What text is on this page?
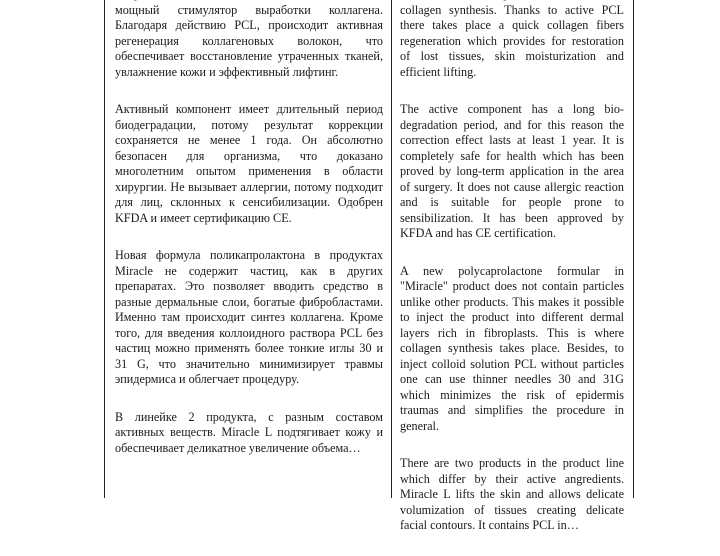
мощный стимулятор выработки коллагена. Благодаря действию PCL, происходит активная регенерация коллагеновых волокон, что обеспечивает восстановление утраченных тканей, увлажнение кожи и эффективный лифтинг.

Активный компонент имеет длительный период биодеградации, потому результат коррекции сохраняется не менее 1 года. Он абсолютно безопасен для организма, что доказано многолетним опытом применения в области хирургии. Не вызывает аллергии, потому подходит для лиц, склонных к сенсибилизации. Одобрен KFDA и имеет сертификацию CE.

Новая формула поликапролактона в продуктах Miracle не содержит частиц, как в других препаратах. Это позволяет вводить средство в разные дермальные слои, богатые фибробластами. Именно там происходит синтез коллагена. Кроме того, для введения коллоидного раствора PCL без частиц можно применять более тонкие иглы 30 и 31 G, что значительно минимизирует травмы эпидермиса и облегчает процедуру.

В линейке 2 продукта, с разным составом активных веществ. Miracle L подтягивает кожу и обеспечивает деликатное увеличение объема…

collagen synthesis. Thanks to active PCL there takes place a quick collagen fibers regeneration which provides for restoration of lost tissues, skin moisturization and efficient lifting.

The active component has a long bio-degradation period, and for this reason the correction effect lasts at least 1 year. It is completely safe for health which has been proved by long-term application in the area of surgery. It does not cause allergic reaction and is suitable for people prone to sensibilization. It has been approved by KFDA and has CE certification.

A new polycaprolactone formular in "Miracle" product does not contain particles unlike other products. This makes it possible to inject the product into different dermal layers rich in fibroplasts. This is where collagen synthesis takes place. Besides, to inject colloid solution PCL without particles one can use thinner needles 30 and 31G which minimizes the risk of epidermis traumas and simplifies the procedure in general.

There are two products in the product line which differ by their active angredients. Miracle L lifts the skin and allows delicate volumization of tissues creating delicate facial contours. It contains PCL in…
